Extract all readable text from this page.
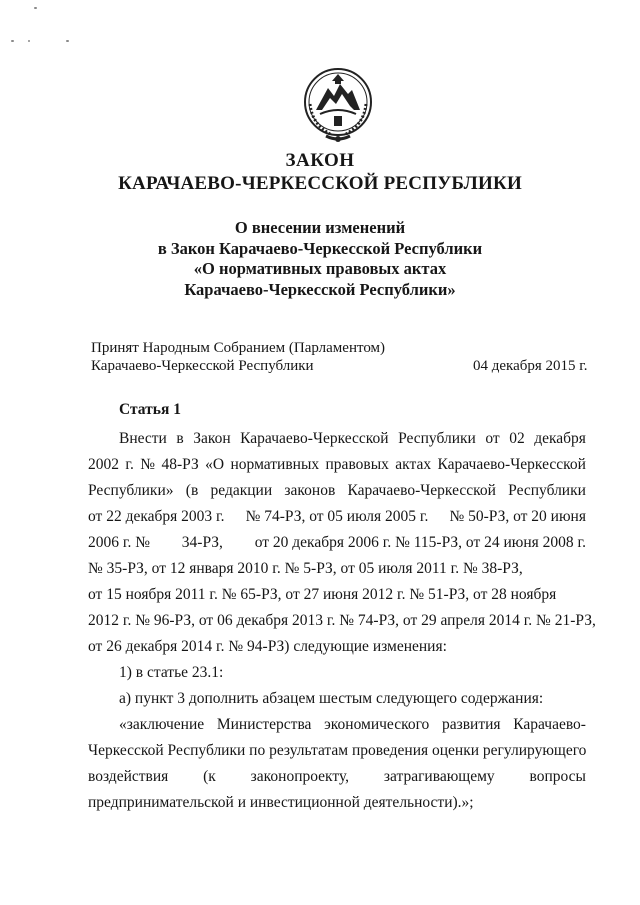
ЗАКОН
КАРАЧАЕВО-ЧЕРКЕССКОЙ РЕСПУБЛИКИ
О внесении изменений
в Закон Карачаево-Черкесской Республики
«О нормативных правовых актах
Карачаево-Черкесской Республики»
Принят Народным Собранием (Парламентом)
Карачаево-Черкесской Республики	04 декабря 2015 г.
Статья 1
Внести в Закон Карачаево-Черкесской Республики от 02 декабря
2002 г. № 48-РЗ «О нормативных правовых актах Карачаево-Черкесской
Республики» (в редакции законов Карачаево-Черкесской Республики
от 22 декабря 2003 г. № 74-РЗ, от 05 июля 2005 г. № 50-РЗ, от 20 июня
2006 г. № 34-РЗ, от 20 декабря 2006 г. № 115-РЗ, от 24 июня 2008 г.
№ 35-РЗ, от 12 января 2010 г. № 5-РЗ, от 05 июля 2011 г. № 38-РЗ,
от 15 ноября 2011 г. № 65-РЗ, от 27 июня 2012 г. № 51-РЗ, от 28 ноября
2012 г. № 96-РЗ, от 06 декабря 2013 г. № 74-РЗ, от 29 апреля 2014 г. № 21-РЗ,
от 26 декабря 2014 г. № 94-РЗ) следующие изменения:
1) в статье 23.1:
а) пункт 3 дополнить абзацем шестым следующего содержания:
«заключение Министерства экономического развития Карачаево-
Черкесской Республики по результатам проведения оценки регулирующего
воздействия (к законопроекту, затрагивающему вопросы
предпринимательской и инвестиционной деятельности).»;
